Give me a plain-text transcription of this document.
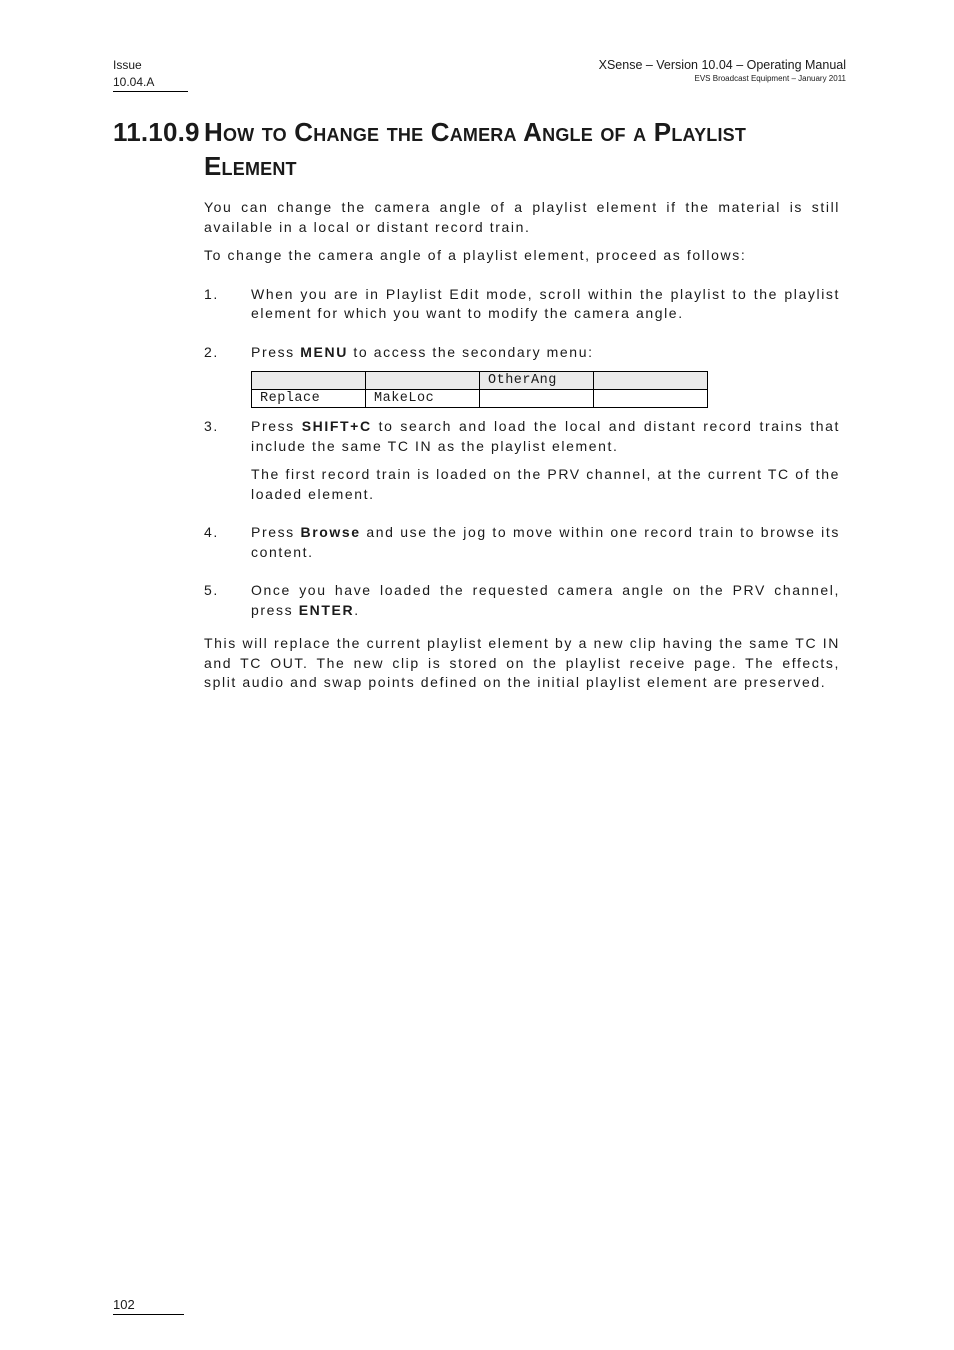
Issue
10.04.A
XSense – Version 10.04 – Operating Manual
EVS Broadcast Equipment – January 2011
11.10.9 How to Change the Camera Angle of a Playlist
Element

You can change the camera angle of a playlist element if the material is still available in a local or distant record train.

To change the camera angle of a playlist element, proceed as follows:

1. When you are in Playlist Edit mode, scroll within the playlist to the playlist element for which you want to modify the camera angle.

2. Press MENU to access the secondary menu:

		OtherAng	
Replace	MakeLoc		
3. Press SHIFT+C to search and load the local and distant record trains that include the same TC IN as the playlist element.

The first record train is loaded on the PRV channel, at the current TC of the loaded element.

4. Press Browse and use the jog to move within one record train to browse its content.

5. Once you have loaded the requested camera angle on the PRV channel, press ENTER.

This will replace the current playlist element by a new clip having the same TC IN and TC OUT. The new clip is stored on the playlist receive page. The effects, split audio and swap points defined on the initial playlist element are preserved.

102
